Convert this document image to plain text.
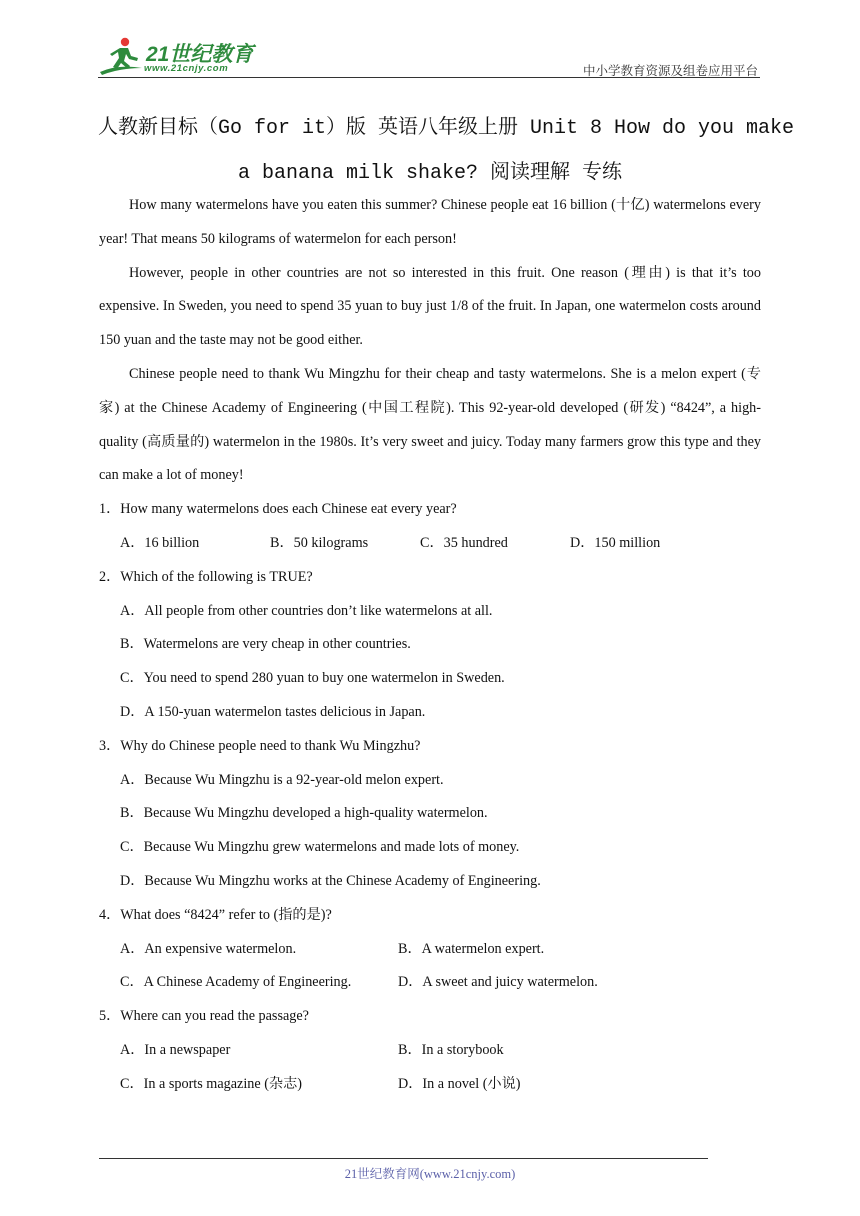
21世纪教育
www.21cnjy.com	中小学教育资源及组卷应用平台
人教新目标（Go for it）版 英语八年级上册 Unit 8 How do you make
a banana milk shake? 阅读理解 专练

How many watermelons have you eaten this summer? Chinese people eat 16 billion (十亿) watermelons every year! That means 50 kilograms of watermelon for each person!

However, people in other countries are not so interested in this fruit. One reason (理由) is that it’s too expensive. In Sweden, you need to spend 35 yuan to buy just 1/8 of the fruit. In Japan, one watermelon costs around 150 yuan and the taste may not be good either.

Chinese people need to thank Wu Mingzhu for their cheap and tasty watermelons. She is a melon expert (专家) at the Chinese Academy of Engineering (中国工程院). This 92-year-old developed (研发) “8424”, a high-quality (高质量的) watermelon in the 1980s. It’s very sweet and juicy. Today many farmers grow this type and they can make a lot of money!

1．How many watermelons does each Chinese eat every year?
A．16 billion	B．50 kilograms	C．35 hundred	D．150 million
2．Which of the following is TRUE?
A．All people from other countries don’t like watermelons at all.
B．Watermelons are very cheap in other countries.
C．You need to spend 280 yuan to buy one watermelon in Sweden.
D．A 150-yuan watermelon tastes delicious in Japan.
3．Why do Chinese people need to thank Wu Mingzhu?
A．Because Wu Mingzhu is a 92-year-old melon expert.
B．Because Wu Mingzhu developed a high-quality watermelon.
C．Because Wu Mingzhu grew watermelons and made lots of money.
D．Because Wu Mingzhu works at the Chinese Academy of Engineering.
4．What does “8424” refer to (指的是)?
A．An expensive watermelon.	B．A watermelon expert.
C．A Chinese Academy of Engineering.	D．A sweet and juicy watermelon.
5．Where can you read the passage?
A．In a newspaper	B．In a storybook
C．In a sports magazine (杂志)	D．In a novel (小说)
21世纪教育网(www.21cnjy.com)
